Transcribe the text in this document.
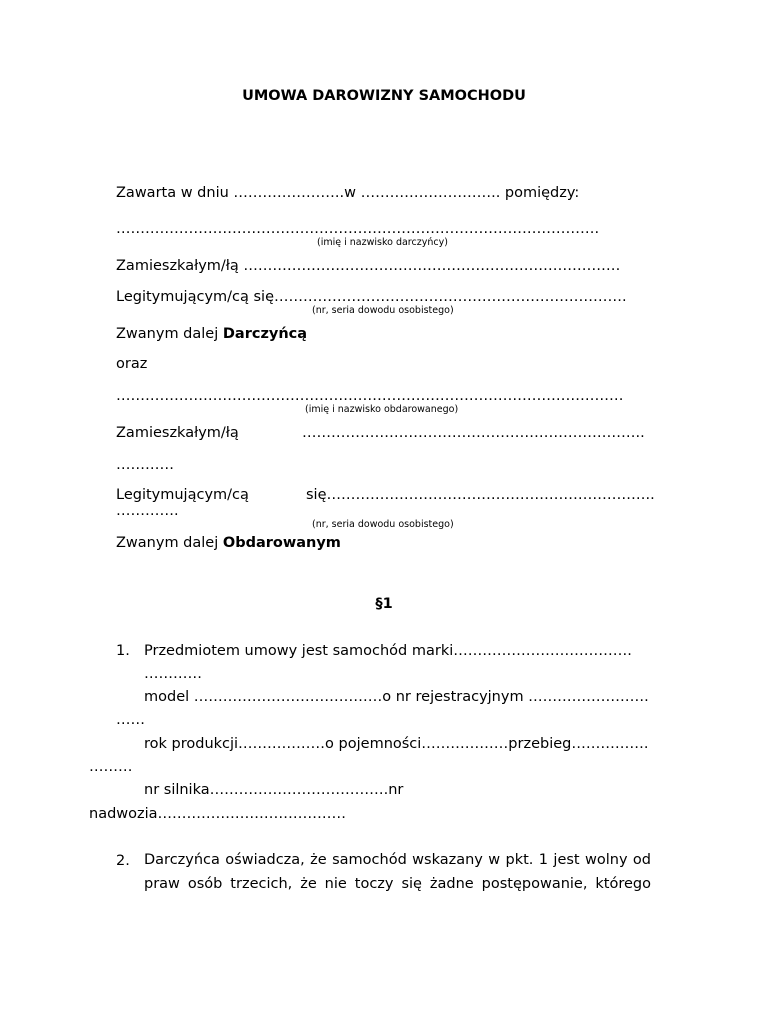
UMOWA DAROWIZNY SAMOCHODU
Zawarta w dniu …………………..w ……………………….. pomiędzy:
……………………………………………………………………………………….
(imię i nazwisko darczyńcy)
Zamieszkałym/łą ……………………………………………………………………
Legitymującym/cą się……………………………………………………………….
(nr, seria dowodu osobistego)
Zwanym dalej Darczyńcą
oraz
……………………………………………………………………………………………
(imię i nazwisko obdarowanego)
Zamieszkałym/łą	……………………………………………………………..
…………
Legitymującym/cą	się…………………………………………………………..
………….
(nr, seria dowodu osobistego)
Zwanym dalej Obdarowanym
§1
1. Przedmiotem umowy jest samochód marki……………………………….
…………
model …………………………………o nr rejestracyjnym …………………….
……
rok produkcji………………o pojemności………………przebieg…………….
………
nr silnika……………………………….nr
nadwozia…………………………………
2. Darczyńca oświadcza, że samochód wskazany w pkt. 1 jest wolny od
praw osób trzecich, że nie toczy się żadne postępowanie, którego
